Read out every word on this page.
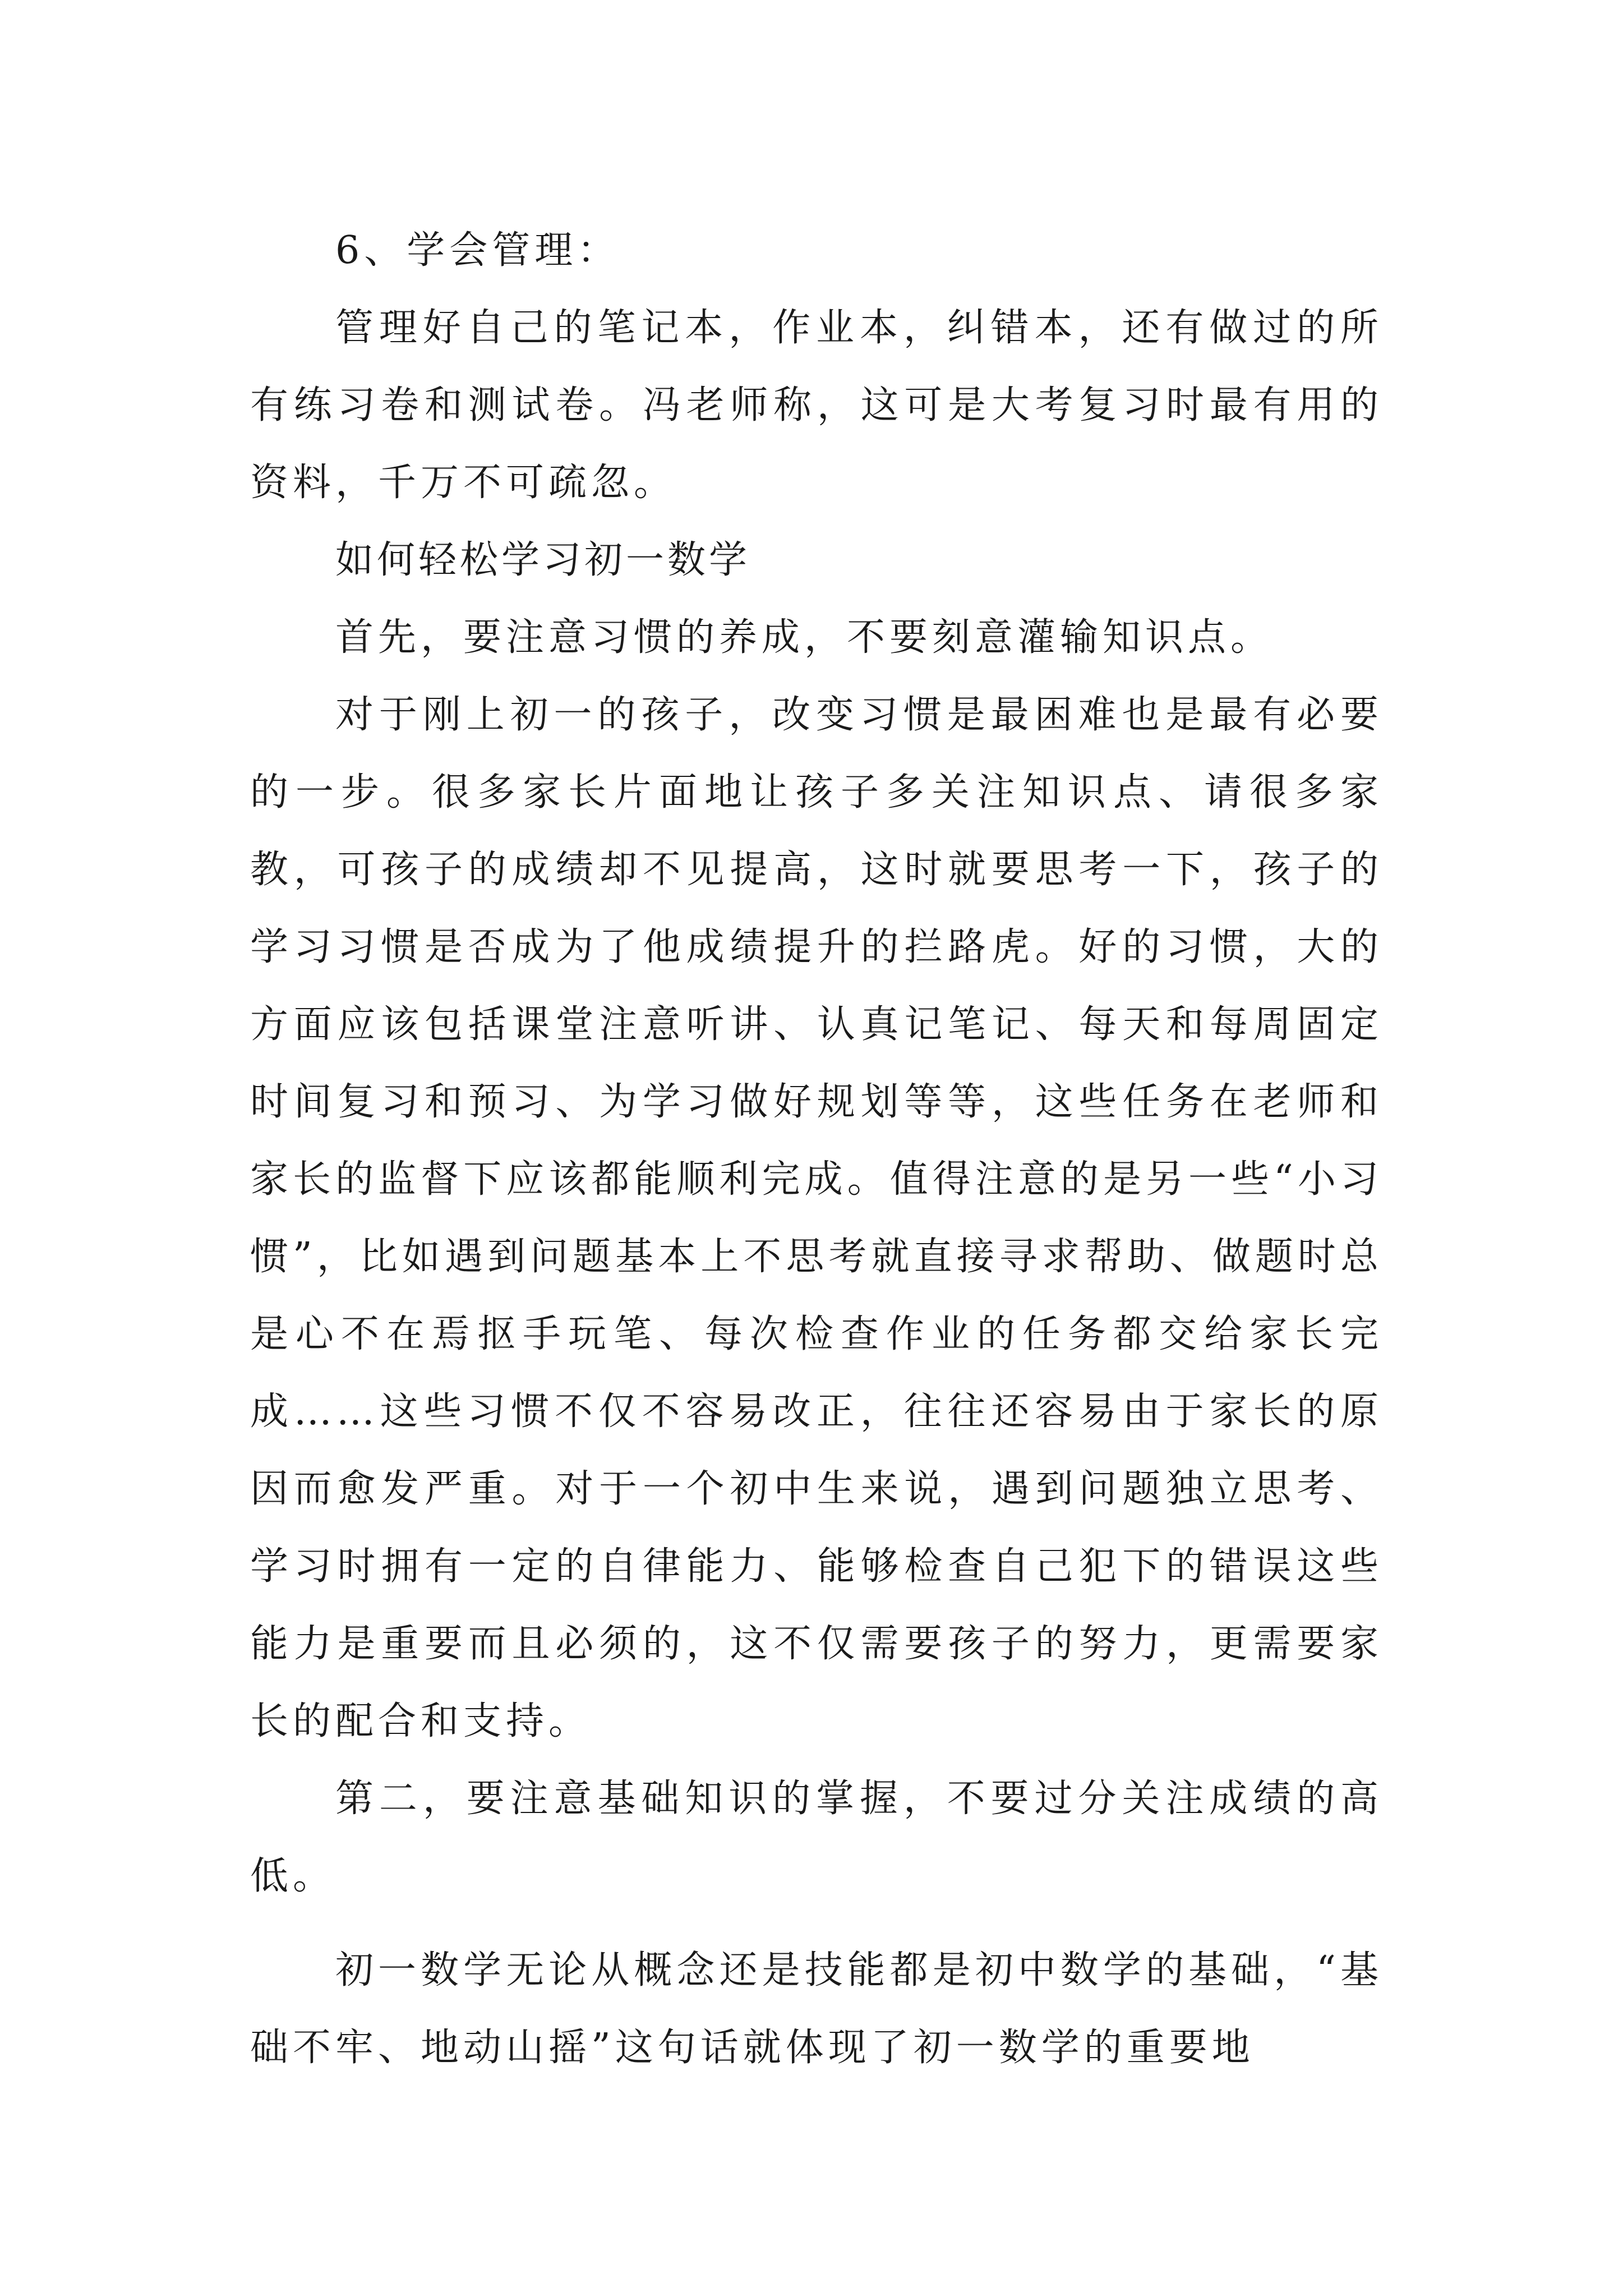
6、学会管理：

管理好自己的笔记本，作业本，纠错本，还有做过的所有练习卷和测试卷。冯老师称，这可是大考复习时最有用的资料，千万不可疏忽。

如何轻松学习初一数学

首先，要注意习惯的养成，不要刻意灌输知识点。

对于刚上初一的孩子，改变习惯是最困难也是最有必要的一步。很多家长片面地让孩子多关注知识点、请很多家教，可孩子的成绩却不见提高，这时就要思考一下，孩子的学习习惯是否成为了他成绩提升的拦路虎。好的习惯，大的方面应该包括课堂注意听讲、认真记笔记、每天和每周固定时间复习和预习、为学习做好规划等等，这些任务在老师和家长的监督下应该都能顺利完成。值得注意的是另一些“小习惯”，比如遇到问题基本上不思考就直接寻求帮助、做题时总是心不在焉抠手玩笔、每次检查作业的任务都交给家长完成……这些习惯不仅不容易改正，往往还容易由于家长的原因而愈发严重。对于一个初中生来说，遇到问题独立思考、学习时拥有一定的自律能力、能够检查自己犯下的错误这些能力是重要而且必须的，这不仅需要孩子的努力，更需要家长的配合和支持。

第二，要注意基础知识的掌握，不要过分关注成绩的高低。

初一数学无论从概念还是技能都是初中数学的基础，“基础不牢、地动山摇”这句话就体现了初一数学的重要地
